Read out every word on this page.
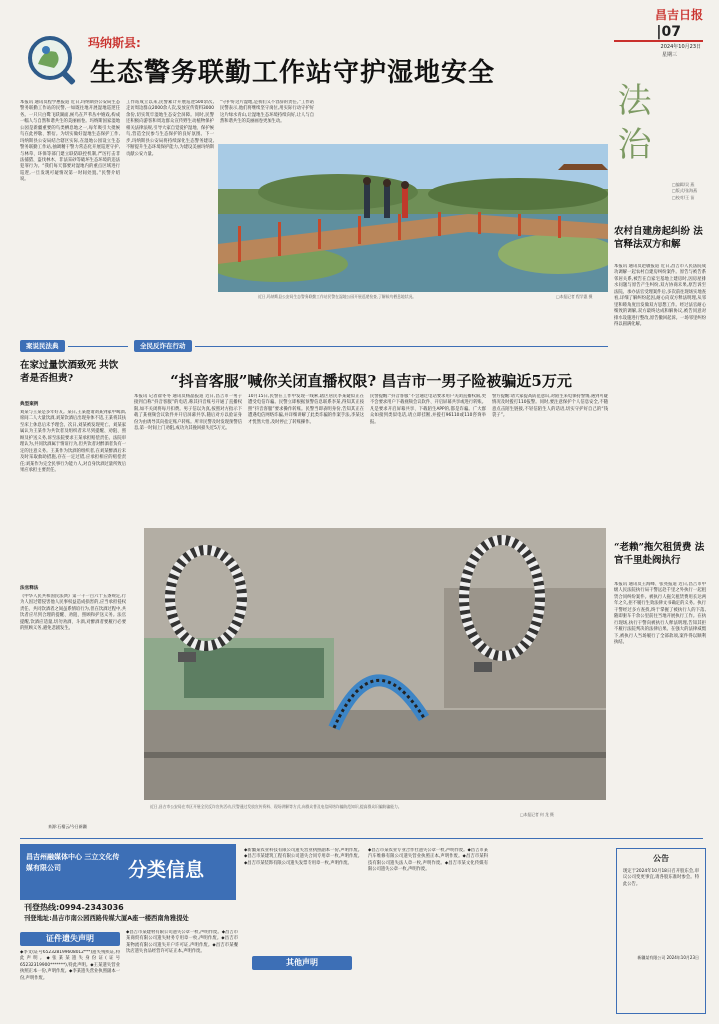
昌吉日报
|07
2024年10月23日
星期三
法治
□编辑/吴 燕
□版式/张海燕
□校对/王 苗
玛纳斯县:
生态警务联勤工作站守护湿地安全
本报讯 通讯员程学惠报道 近日,玛纳斯县公安局生态警务联勤工作站的民警,一如既往地开展湿地巡逻任务。一只只白鹭飞跃湖面,候鸟在芦苇丛中嬉戏,构成一幅人与自然和谐共生的美丽画卷。玛纳斯国家湿地公园是新疆重要的鸟类栖息地之一,每年吸引大批候鸟在此停歇、繁衍。为切实做好湿地生态保护工作,玛纳斯县公安局结合辖区实际,在湿地公园设立生态警务联勤工作站,抽调精干警力常态化开展巡逻守护,与林草、环保等部门建立联防联控机制,严厉打击非法捕猎、盗伐林木、非法采砂等破坏生态环境的违法犯罪行为。“我们每天都要对湿地内的重点区域进行巡逻,一旦发现可疑情况第一时间处置。”民警介绍说。
工作站成立以来,民警累计开展巡逻500余次,走访周边群众2000余人次,发放宣传资料3000余份,切实筑牢湿地生态安全屏障。同时,民警还积极向游客和周边群众宣传野生动植物保护相关法律法规,引导大家自觉爱护湿地、保护候鸟,营造全民参与生态保护的良好氛围。下一步,玛纳斯县公安局将持续深化生态警务建设,不断提升生态环境保护能力,为建设美丽玛纳斯贡献公安力量。
“守护好这片湿地,是我们义不容辞的责任。”工作站民警表示,他们将继续坚守岗位,用实际行动守护好这片绿水青山,让湿地生态环境持续向好,让人与自然和谐共生的美丽画卷更加生动。
近日,玛纳斯县公安局生态警务联勤工作站民警在湿地公园开展巡逻检查,了解候鸟栖息地状况。	□本报记者 程学惠 摄
农村自建房起纠纷 法官释法双方和解
本报讯 通讯员赵敏报道 近日,昌吉市人民法院成功调解一起农村自建房纠纷案件。原告与被告系邻居关系,被告在自家宅基地上建房时,因房屋排水问题与原告产生纠纷,双方协商未果,原告诉至法院。承办法官受理案件后,多次前往现场实地查看,详细了解纠纷起因,耐心向双方释法明理,从邻里和睦角度出发做双方思想工作。经过法官耐心细致的调解,双方最终达成和解协议,被告同意对排水设施进行整改,原告撤回起诉。一场邻里纠纷得以圆满化解。
案说民法典
在家过量饮酒致死 共饮者是否担责?
典型案例
刘某与王某是多年好友。某日,王某邀请刘某到家中喝酒,席间二人大量饮酒,刘某饮酒后出现身体不适,王某将其扶至床上休息后未予理会。次日,刘某被发现死亡。刘某家属认为王某作为共饮者及组织者未尽到提醒、劝阻、照顾及护送义务,诉至法院要求王某承担赔偿责任。法院审理认为,共同饮酒属于情谊行为,但共饮者对醉酒者负有一定的注意义务。王某作为饮酒的组织者,在刘某醉酒后未及时采取救助措施,存在一定过错,应承担相应的赔偿责任;刘某作为完全民事行为能力人,对自身饮酒过量所致后果应承担主要责任。
法官释法
《中华人民共和国民法典》第一千一百六十五条规定,行为人因过错侵害他人民事权益造成损害的,应当承担侵权责任。共同饮酒者之间虽系情谊行为,但在饮酒过程中,共饮者应尽到合理的提醒、劝阻、照顾和护送义务。法官提醒,饮酒应适量,切勿劝酒、斗酒,对醉酒者要履行必要的照顾义务,避免悲剧发生。
来源:石榴云/今日新疆
全民反诈在行动
“抖音客服”喊你关闭直播权限? 昌吉市一男子险被骗近5万元
本报讯 记者翟冬冬 通讯员杨晶报道 近日,昌吉市一男子接到自称“抖音客服”的电话,称其抖音账号开通了直播权限,如不关闭将每月扣费。男子信以为真,按照对方指示下载了某视频会议软件并开启屏幕共享,随后对方以验证身份为由诱导其向指定账户转账。所幸民警及时发现预警信息,第一时间上门劝阻,成功为其挽回损失近5万元。
10月15日,民警在工作中发现一线索,辖区居民李某疑似正在遭受电信诈骗。民警立即根据预警信息联系李某,得知其正按照“抖音客服”要求操作转账。民警当即表明身份,告知其正在遭遇电信网络诈骗,并详细讲解了此类诈骗的作案手法,李某这才恍然大悟,及时停止了转账操作。
民警提醒:“抖音客服”不会通过电话要求用户关闭直播权限,更不会要求用户下载视频会议软件、开启屏幕共享或进行转账。凡是要求开启屏幕共享、下载陌生APP的,都是诈骗。广大群众如接到类似电话,请立即挂断,并拨打96110或110咨询举报。
警方提醒:请大家提高防范意识,对陌生来电保持警惕,遇到可疑情况及时拨打110报警。同时,要注意保护个人信息安全,不随意点击陌生链接,不轻信陌生人的话语,切实守护好自己的“钱袋子”。
近日,昌吉市公安局在市区开展全民反诈宣传活动,民警通过发放宣传资料、现场讲解等方式,向群众普及电信网络诈骗防范知识,提高群众识骗防骗能力。
□本报记者 何 龙 摄
“老赖”拖欠租赁费 法官千里赴阀执行
本报讯 通讯员王海峰、张亮报道 近日,昌吉市中级人民法院执行局干警远赴千里之外执行一起租赁合同纠纷案件。被执行人拖欠租赁费用长达两年之久,拒不履行生效法律文书确定的义务。执行干警经过多方查找,终于掌握了被执行人的下落,随即驱车千余公里前往当地开展执行工作。在执行现场,执行干警向被执行人释法明理,告知其拒不履行法院判决的法律后果。在强大的法律威慑下,被执行人当场履行了全部款项,案件得以顺利执结。
昌吉州融媒体中心 三立文化传媒有限公司	分类信息
刊登热线:0994-2343036
刊登地址:昌吉市南公园西路传媒大厦A座一楼西南角雅提处
证件遗失声明
◆李文(证号652328199608012***)遗失残疾证,特此声明。◆张某某遗失身份证(证号65232319900*******),特此声明。◆王某遗失营业执照正本一份,声明作废。◆李某遗失营业执照副本一份,声明作废。
◆昌吉市某建材有限公司遗失公章一枚,声明作废。◆昌吉市某商贸有限公司遗失财务专用章一枚,声明作废。◆昌吉市某物流有限公司遗失开户许可证,声明作废。◆昌吉市某餐饮店遗失食品经营许可证正本,声明作废。
◆新疆某农业科技有限公司遗失营业执照副本一份,声明作废。◆昌吉市某建筑工程有限公司遗失合同专用章一枚,声明作废。◆昌吉市某装饰有限公司遗失发票专用章一枚,声明作废。
其他声明
◆昌吉市某农业专业合作社遗失公章一枚,声明作废。◆昌吉市某汽车维修有限公司遗失营业执照正本,声明作废。◆昌吉市某科技有限公司遗失法人章一枚,声明作废。◆昌吉市某文化传媒有限公司遗失公章一枚,声明作废。
公告
现定于2024年10月18日召开股东会,审议公司变更事宜,请各股东准时参会。特此公告。
新疆某有限公司 2024年10月23日
